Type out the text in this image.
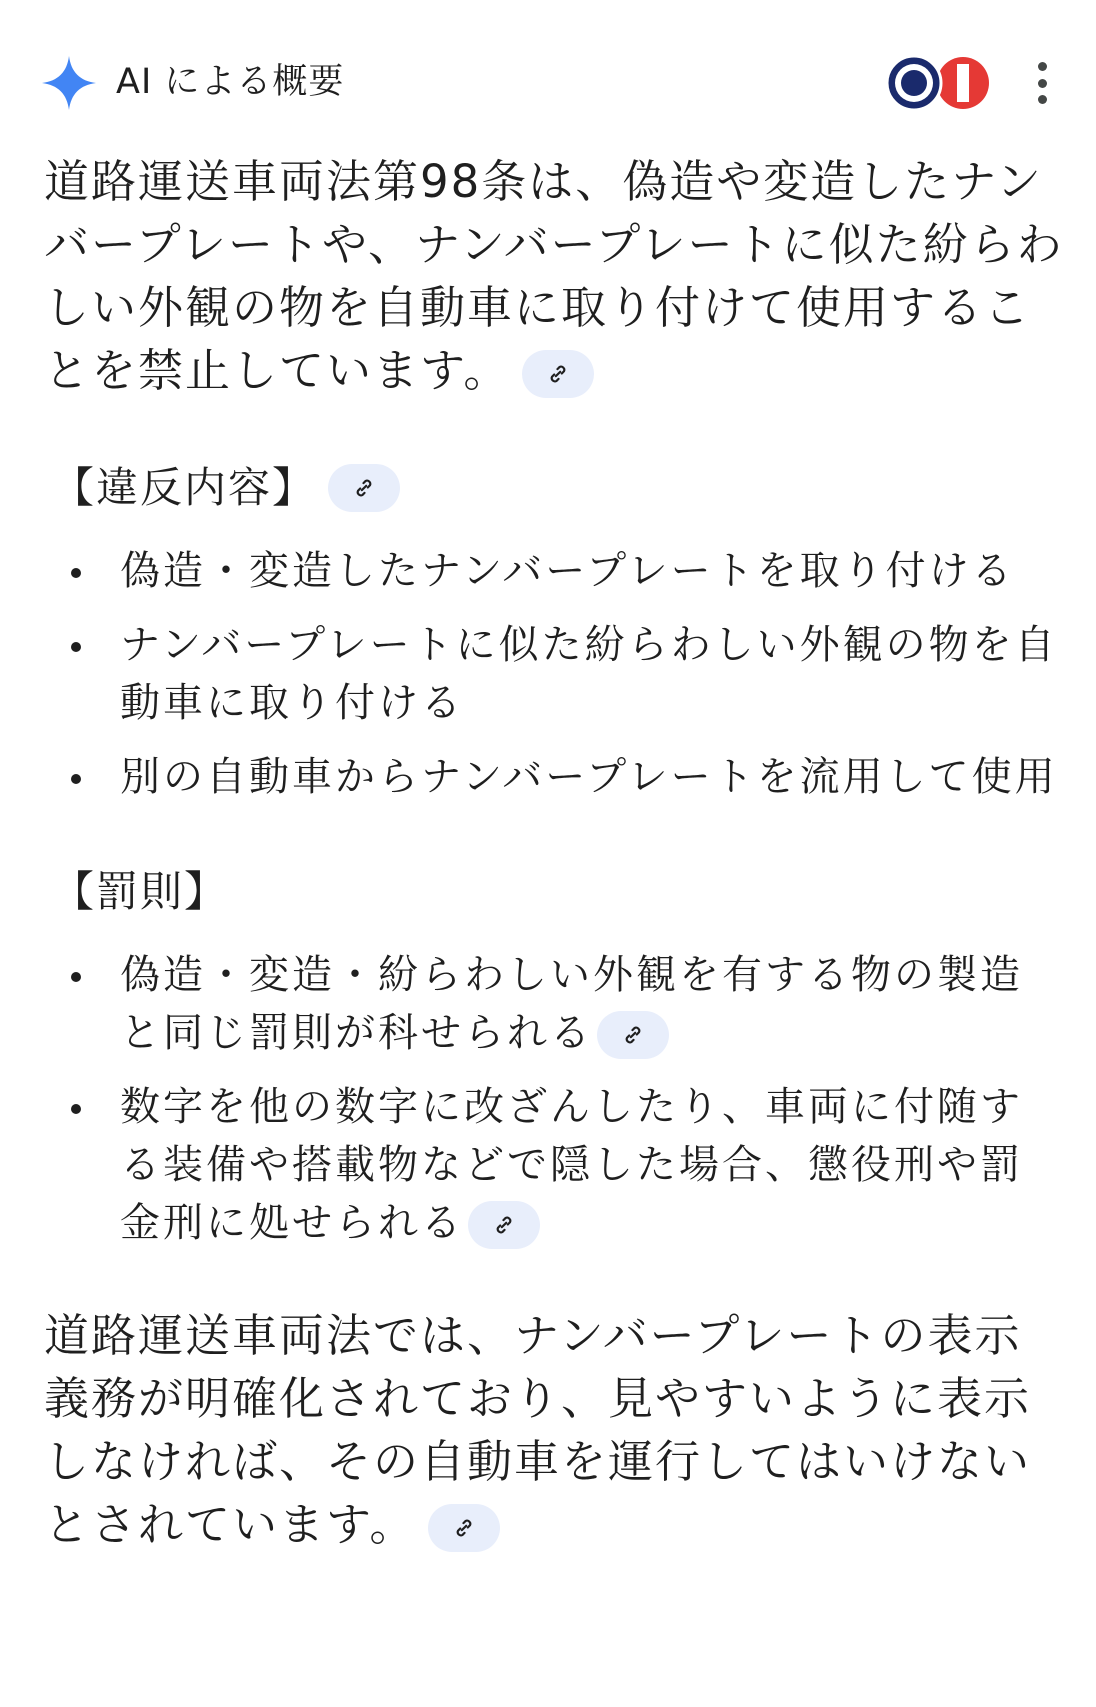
AI による概要

道路運送車両法第98条は、偽造や変造したナンバープレートや、ナンバープレートに似た紛らわしい外観の物を自動車に取り付けて使用することを禁止しています。

【違反内容】
偽造・変造したナンバープレートを取り付ける
ナンバープレートに似た紛らわしい外観の物を自動車に取り付ける
別の自動車からナンバープレートを流用して使用
【罰則】
偽造・変造・紛らわしい外観を有する物の製造と同じ罰則が科せられる
数字を他の数字に改ざんしたり、車両に付随する装備や搭載物などで隠した場合、懲役刑や罰金刑に処せられる

道路運送車両法では、ナンバープレートの表示義務が明確化されており、見やすいように表示しなければ、その自動車を運行してはいけないとされています。
